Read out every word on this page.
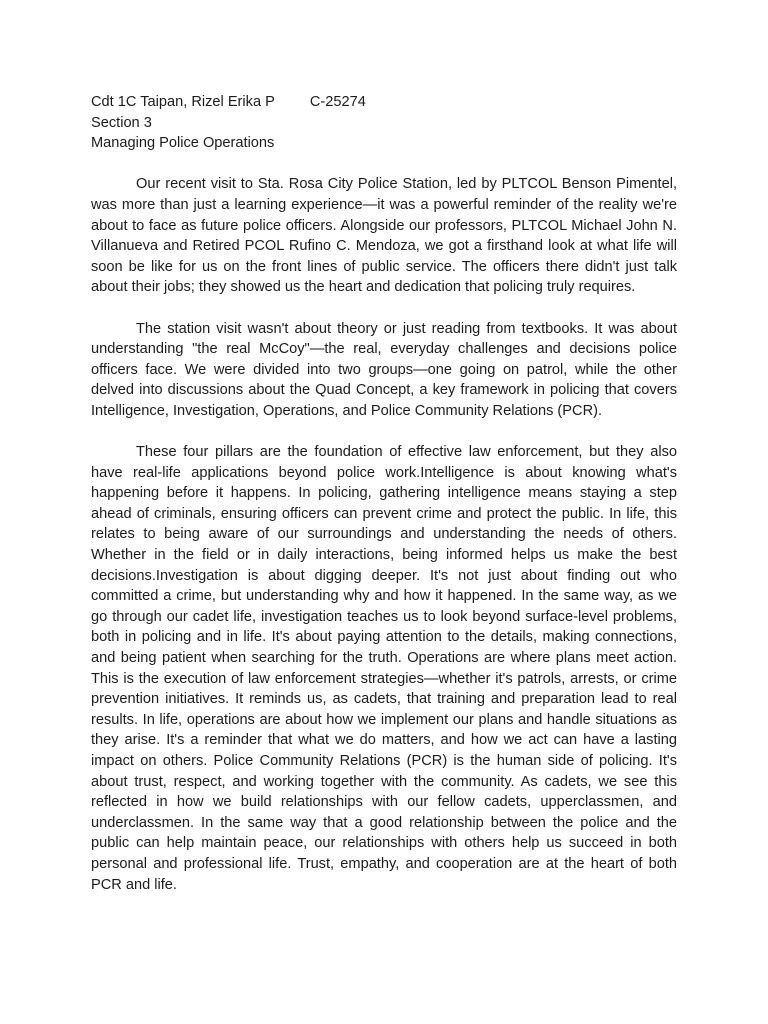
Cdt 1C Taipan, Rizel Erika P C-25274

Section 3

Managing Police Operations

Our recent visit to Sta. Rosa City Police Station, led by PLTCOL Benson Pimentel, was more than just a learning experience—it was a powerful reminder of the reality we're about to face as future police officers. Alongside our professors, PLTCOL Michael John N. Villanueva and Retired PCOL Rufino C. Mendoza, we got a firsthand look at what life will soon be like for us on the front lines of public service. The officers there didn't just talk about their jobs; they showed us the heart and dedication that policing truly requires.

The station visit wasn't about theory or just reading from textbooks. It was about understanding "the real McCoy"—the real, everyday challenges and decisions police officers face. We were divided into two groups—one going on patrol, while the other delved into discussions about the Quad Concept, a key framework in policing that covers Intelligence, Investigation, Operations, and Police Community Relations (PCR).

These four pillars are the foundation of effective law enforcement, but they also have real-life applications beyond police work.Intelligence is about knowing what's happening before it happens. In policing, gathering intelligence means staying a step ahead of criminals, ensuring officers can prevent crime and protect the public. In life, this relates to being aware of our surroundings and understanding the needs of others. Whether in the field or in daily interactions, being informed helps us make the best decisions.Investigation is about digging deeper. It's not just about finding out who committed a crime, but understanding why and how it happened. In the same way, as we go through our cadet life, investigation teaches us to look beyond surface-level problems, both in policing and in life. It's about paying attention to the details, making connections, and being patient when searching for the truth. Operations are where plans meet action. This is the execution of law enforcement strategies—whether it's patrols, arrests, or crime prevention initiatives. It reminds us, as cadets, that training and preparation lead to real results. In life, operations are about how we implement our plans and handle situations as they arise. It's a reminder that what we do matters, and how we act can have a lasting impact on others. Police Community Relations (PCR) is the human side of policing. It's about trust, respect, and working together with the community. As cadets, we see this reflected in how we build relationships with our fellow cadets, upperclassmen, and underclassmen. In the same way that a good relationship between the police and the public can help maintain peace, our relationships with others help us succeed in both personal and professional life. Trust, empathy, and cooperation are at the heart of both PCR and life.
